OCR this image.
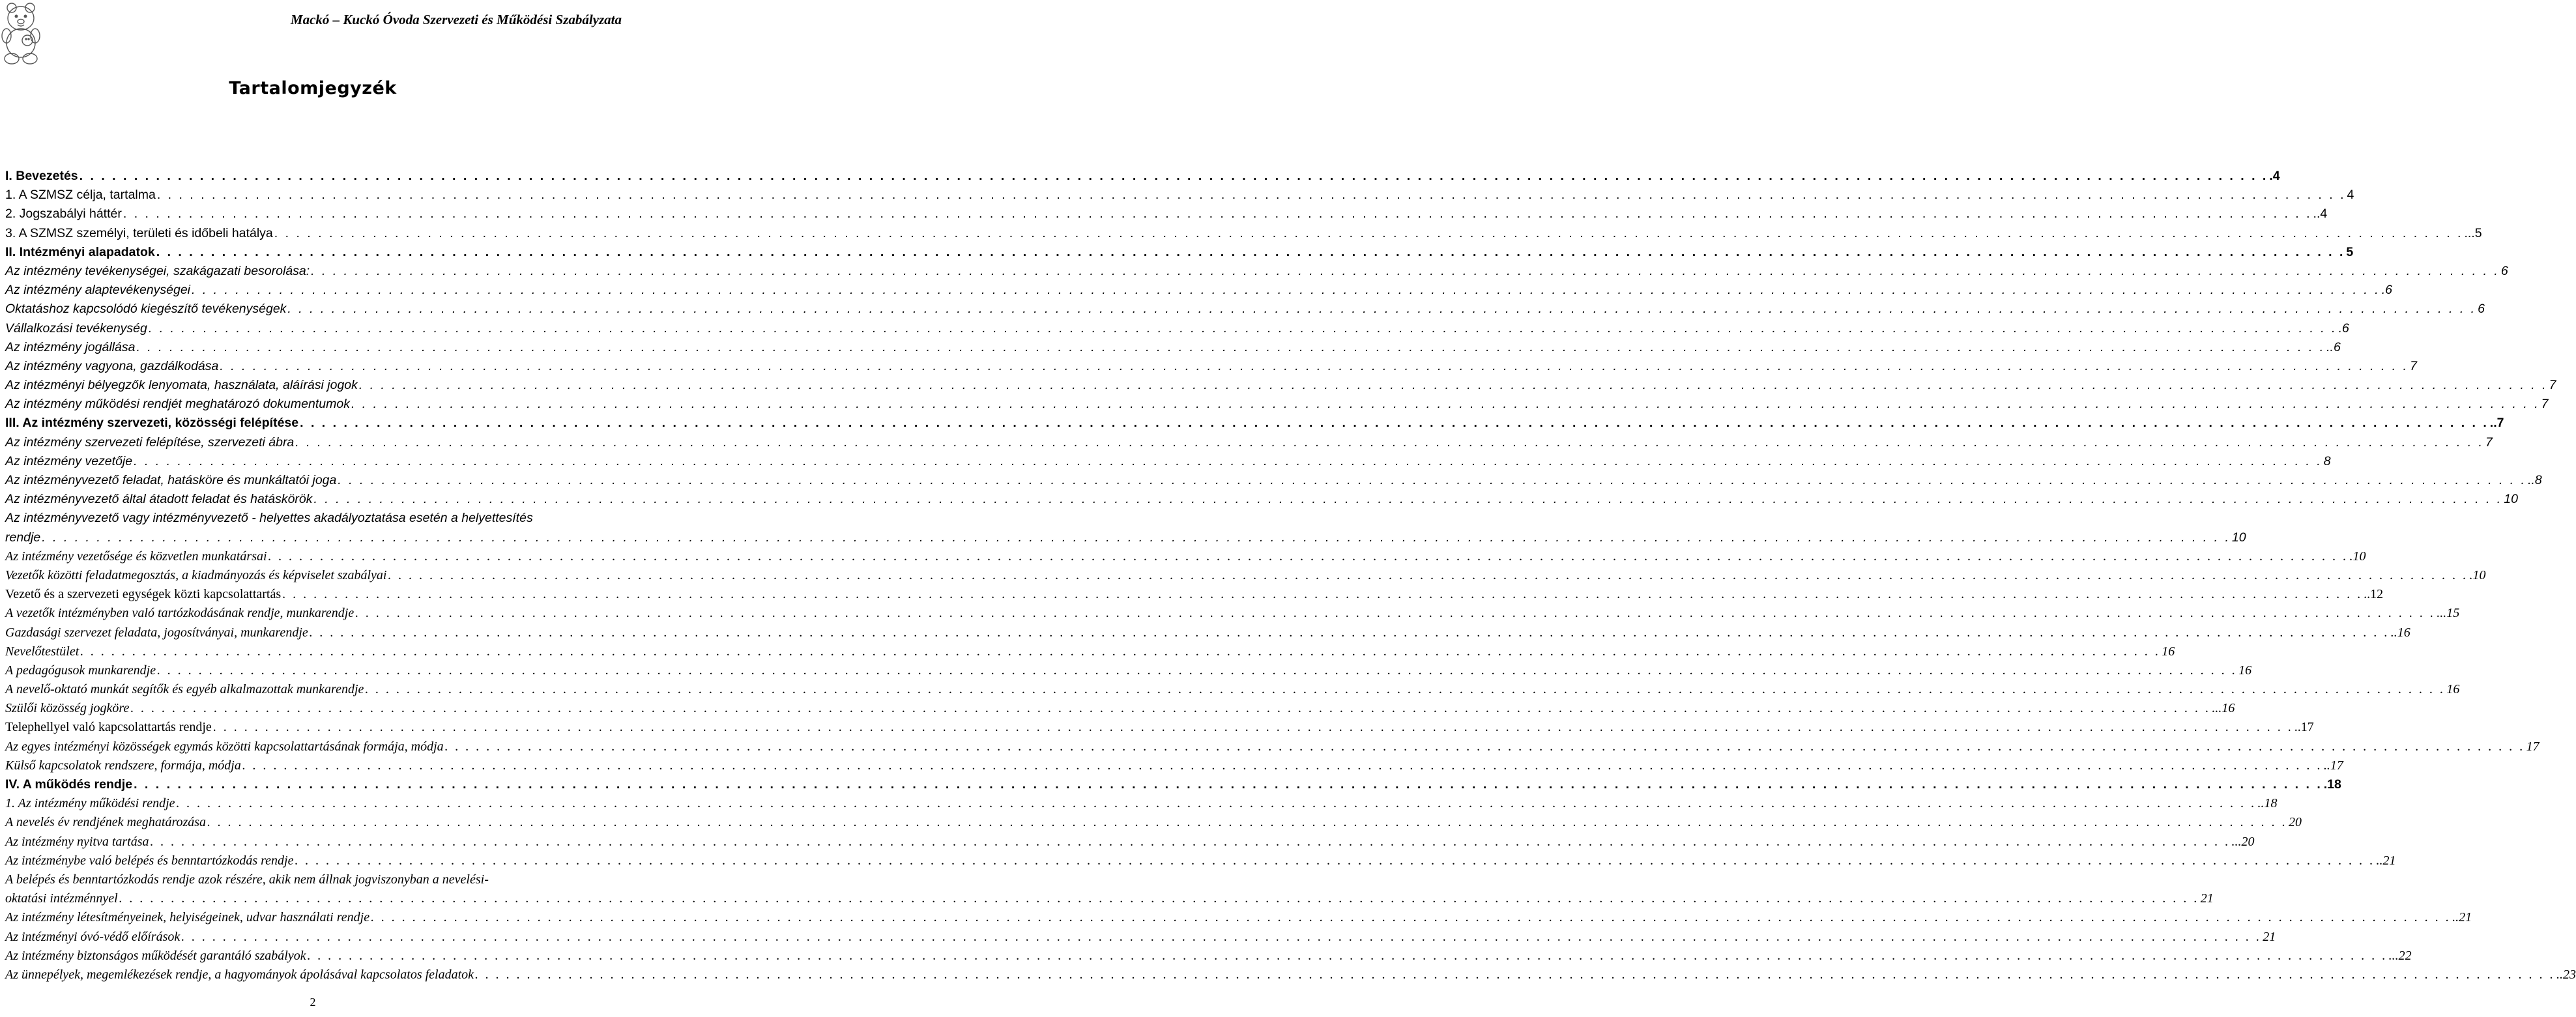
Mackó – Kuckó Óvoda Szervezeti és Működési Szabályzata
Tartalomjegyzék
I. Bevezetés . . . . . . . . . . . . . . . . . . . . . . . . . . . . . . . . . . . . . . . . . . . . . . . . . . . . . . . . . . . . . . . . . . . . . . . . . . . . . . . . . . . . . . . . . . . . . . . . . . . . . . . . . . . . . . . . . . . . . . . . . . . . . . . . . . . . . . . . . . . . . . . . . . . . . . . . . . . . . . . . . . . . . . . . . . . . . . . . . . . . . . . . . . . . . . . . . . . . . . . . .4
1. A SZMSZ célja, tartalma . . . . . . . . . . . . . . . . . . . . . . . . . . . . . . . . . . . . . . . . . . . . . . . . . . . . . . . . . . . . . . . . . . . . . . . . . . . . . . . . . . . . . . . . . . . . . . . . . . . . . . . . . . . . . . . . . . . . . . . . . . . . . . . . . . . . . . . . . . . . . . . . . . . . . . . . . . . . . . . . . . . . . . . . . . . . . . . . . . . . . . . . . . . . . . . . . . . . . . . . 4
2. Jogszabályi háttér . . . . . . . . . . . . . . . . . . . . . . . . . . . . . . . . . . . . . . . . . . . . . . . . . . . . . . . . . . . . . . . . . . . . . . . . . . . . . . . . . . . . . . . . . . . . . . . . . . . . . . . . . . . . . . . . . . . . . . . . . . . . . . . . . . . . . . . . . . . . . . . . . . . . . . . . . . . . . . . . . . . . . . . . . . . . . . . . . . . . . . . . . . . . . . . . . . . . . . . . ..4
3. A SZMSZ személyi, területi és időbeli hatálya . . . . . . . . . . . . . . . . . . . . . . . . . . . . . . . . . . . . . . . . . . . . . . . . . . . . . . . . . . . . . . . . . . . . . . . . . . . . . . . . . . . . . . . . . . . . . . . . . . . . . . . . . . . . . . . . . . . . . . . . . . . . . . . . . . . . . . . . . . . . . . . . . . . . . . . . . . . . . . . . . . . . . . . . . . . . . . . . . . . . . . . . . . . . . . . . . . . . . . . . ...5
II. Intézményi alapadatok . . . . . . . . . . . . . . . . . . . . . . . . . . . . . . . . . . . . . . . . . . . . . . . . . . . . . . . . . . . . . . . . . . . . . . . . . . . . . . . . . . . . . . . . . . . . . . . . . . . . . . . . . . . . . . . . . . . . . . . . . . . . . . . . . . . . . . . . . . . . . . . . . . . . . . . . . . . . . . . . . . . . . . . . . . . . . . . . . . . . . . . . . . . . . . . . . . . . . . . . 5
Az intézmény tevékenységei, szakágazati besorolása: . . . . . . . . . . . . . . . . . . . . . . . . . . . . . . . . . . . . . . . . . . . . . . . . . . . . . . . . . . . . . . . . . . . . . . . . . . . . . . . . . . . . . . . . . . . . . . . . . . . . . . . . . . . . . . . . . . . . . . . . . . . . . . . . . . . . . . . . . . . . . . . . . . . . . . . . . . . . . . . . . . . . . . . . . . . . . . . . . . . . . . . . . . . . . . . . . . . . . . . . 6
Az intézmény alaptevékenységei . . . . . . . . . . . . . . . . . . . . . . . . . . . . . . . . . . . . . . . . . . . . . . . . . . . . . . . . . . . . . . . . . . . . . . . . . . . . . . . . . . . . . . . . . . . . . . . . . . . . . . . . . . . . . . . . . . . . . . . . . . . . . . . . . . . . . . . . . . . . . . . . . . . . . . . . . . . . . . . . . . . . . . . . . . . . . . . . . . . . . . . . . . . . . . . . . . . . . . . . .6
Oktatáshoz kapcsolódó kiegészítő tevékenységek . . . . . . . . . . . . . . . . . . . . . . . . . . . . . . . . . . . . . . . . . . . . . . . . . . . . . . . . . . . . . . . . . . . . . . . . . . . . . . . . . . . . . . . . . . . . . . . . . . . . . . . . . . . . . . . . . . . . . . . . . . . . . . . . . . . . . . . . . . . . . . . . . . . . . . . . . . . . . . . . . . . . . . . . . . . . . . . . . . . . . . . . . . . . . . . . . . . . . . . . 6
Vállalkozási tevékenység . . . . . . . . . . . . . . . . . . . . . . . . . . . . . . . . . . . . . . . . . . . . . . . . . . . . . . . . . . . . . . . . . . . . . . . . . . . . . . . . . . . . . . . . . . . . . . . . . . . . . . . . . . . . . . . . . . . . . . . . . . . . . . . . . . . . . . . . . . . . . . . . . . . . . . . . . . . . . . . . . . . . . . . . . . . . . . . . . . . . . . . . . . . . . . . . . . . . . . . . .6
Az intézmény jogállása . . . . . . . . . . . . . . . . . . . . . . . . . . . . . . . . . . . . . . . . . . . . . . . . . . . . . . . . . . . . . . . . . . . . . . . . . . . . . . . . . . . . . . . . . . . . . . . . . . . . . . . . . . . . . . . . . . . . . . . . . . . . . . . . . . . . . . . . . . . . . . . . . . . . . . . . . . . . . . . . . . . . . . . . . . . . . . . . . . . . . . . . . . . . . . . . . . . . . . . . ..6
Az intézmény vagyona, gazdálkodása . . . . . . . . . . . . . . . . . . . . . . . . . . . . . . . . . . . . . . . . . . . . . . . . . . . . . . . . . . . . . . . . . . . . . . . . . . . . . . . . . . . . . . . . . . . . . . . . . . . . . . . . . . . . . . . . . . . . . . . . . . . . . . . . . . . . . . . . . . . . . . . . . . . . . . . . . . . . . . . . . . . . . . . . . . . . . . . . . . . . . . . . . . . . . . . . . . . . . . . . 7
Az intézményi bélyegzők lenyomata, használata, aláírási jogok . . . . . . . . . . . . . . . . . . . . . . . . . . . . . . . . . . . . . . . . . . . . . . . . . . . . . . . . . . . . . . . . . . . . . . . . . . . . . . . . . . . . . . . . . . . . . . . . . . . . . . . . . . . . . . . . . . . . . . . . . . . . . . . . . . . . . . . . . . . . . . . . . . . . . . . . . . . . . . . . . . . . . . . . . . . . . . . . . . . . . . . . . . . . . . . . . . . . . . . . 7
Az intézmény működési rendjét meghatározó dokumentumok . . . . . . . . . . . . . . . . . . . . . . . . . . . . . . . . . . . . . . . . . . . . . . . . . . . . . . . . . . . . . . . . . . . . . . . . . . . . . . . . . . . . . . . . . . . . . . . . . . . . . . . . . . . . . . . . . . . . . . . . . . . . . . . . . . . . . . . . . . . . . . . . . . . . . . . . . . . . . . . . . . . . . . . . . . . . . . . . . . . . . . . . . . . . . . . . . . . . . . . . 7
III. Az intézmény szervezeti, közösségi felépítése . . . . . . . . . . . . . . . . . . . . . . . . . . . . . . . . . . . . . . . . . . . . . . . . . . . . . . . . . . . . . . . . . . . . . . . . . . . . . . . . . . . . . . . . . . . . . . . . . . . . . . . . . . . . . . . . . . . . . . . . . . . . . . . . . . . . . . . . . . . . . . . . . . . . . . . . . . . . . . . . . . . . . . . . . . . . . . . . . . . . . . . . . . . . . . . . . . . . . . . . ..7
Az intézmény szervezeti felépítése, szervezeti ábra . . . . . . . . . . . . . . . . . . . . . . . . . . . . . . . . . . . . . . . . . . . . . . . . . . . . . . . . . . . . . . . . . . . . . . . . . . . . . . . . . . . . . . . . . . . . . . . . . . . . . . . . . . . . . . . . . . . . . . . . . . . . . . . . . . . . . . . . . . . . . . . . . . . . . . . . . . . . . . . . . . . . . . . . . . . . . . . . . . . . . . . . . . . . . . . . . . . . . . . . 7
Az intézmény vezetője . . . . . . . . . . . . . . . . . . . . . . . . . . . . . . . . . . . . . . . . . . . . . . . . . . . . . . . . . . . . . . . . . . . . . . . . . . . . . . . . . . . . . . . . . . . . . . . . . . . . . . . . . . . . . . . . . . . . . . . . . . . . . . . . . . . . . . . . . . . . . . . . . . . . . . . . . . . . . . . . . . . . . . . . . . . . . . . . . . . . . . . . . . . . . . . . . . . . . . . . 8
Az intézményvezető feladat, hatásköre és munkáltatói joga . . . . . . . . . . . . . . . . . . . . . . . . . . . . . . . . . . . . . . . . . . . . . . . . . . . . . . . . . . . . . . . . . . . . . . . . . . . . . . . . . . . . . . . . . . . . . . . . . . . . . . . . . . . . . . . . . . . . . . . . . . . . . . . . . . . . . . . . . . . . . . . . . . . . . . . . . . . . . . . . . . . . . . . . . . . . . . . . . . . . . . . . . . . . . . . . . . . . . . . . ..8
Az intézményvezető által átadott feladat és hatáskörök . . . . . . . . . . . . . . . . . . . . . . . . . . . . . . . . . . . . . . . . . . . . . . . . . . . . . . . . . . . . . . . . . . . . . . . . . . . . . . . . . . . . . . . . . . . . . . . . . . . . . . . . . . . . . . . . . . . . . . . . . . . . . . . . . . . . . . . . . . . . . . . . . . . . . . . . . . . . . . . . . . . . . . . . . . . . . . . . . . . . . . . . . . . . . . . . . . . . . . . . 10
Az intézményvezető vagy intézményvezető - helyettes akadályoztatása esetén a helyettesítés
rendje . . . . . . . . . . . . . . . . . . . . . . . . . . . . . . . . . . . . . . . . . . . . . . . . . . . . . . . . . . . . . . . . . . . . . . . . . . . . . . . . . . . . . . . . . . . . . . . . . . . . . . . . . . . . . . . . . . . . . . . . . . . . . . . . . . . . . . . . . . . . . . . . . . . . . . . . . . . . . . . . . . . . . . . . . . . . . . . . . . . . . . . . . . . . . . . . . . . . . . . . 10
Az intézmény vezetősége és közvetlen munkatársai . . . . . . . . . . . . . . . . . . . . . . . . . . . . . . . . . . . . . . . . . . . . . . . . . . . . . . . . . . . . . . . . . . . . . . . . . . . . . . . . . . . . . . . . . . . . . . . . . . . . . . . . . . . . . . . . . . . . . . . . . . . . . . . . . . . . . . . . . . . . . . . . . . . . . . . . . . . . . . . . . . . . . . . . . . . . . . . . . . . . . . . . . . . . . . . . . . . . . . . . .10
Vezetők közötti feladatmegosztás, a kiadmányozás és képviselet szabályai . . . . . . . . . . . . . . . . . . . . . . . . . . . . . . . . . . . . . . . . . . . . . . . . . . . . . . . . . . . . . . . . . . . . . . . . . . . . . . . . . . . . . . . . . . . . . . . . . . . . . . . . . . . . . . . . . . . . . . . . . . . . . . . . . . . . . . . . . . . . . . . . . . . . . . . . . . . . . . . . . . . . . . . . . . . . . . . . . . . . . . . . . . . . . . . . . . . . . . . . .10
Vezető és a szervezeti egységek közti kapcsolattartás . . . . . . . . . . . . . . . . . . . . . . . . . . . . . . . . . . . . . . . . . . . . . . . . . . . . . . . . . . . . . . . . . . . . . . . . . . . . . . . . . . . . . . . . . . . . . . . . . . . . . . . . . . . . . . . . . . . . . . . . . . . . . . . . . . . . . . . . . . . . . . . . . . . . . . . . . . . . . . . . . . . . . . . . . . . . . . . . . . . . . . . . . . . . . . . . . . . . . . . . ..12
A vezetők intézményben való tartózkodásának rendje, munkarendje . . . . . . . . . . . . . . . . . . . . . . . . . . . . . . . . . . . . . . . . . . . . . . . . . . . . . . . . . . . . . . . . . . . . . . . . . . . . . . . . . . . . . . . . . . . . . . . . . . . . . . . . . . . . . . . . . . . . . . . . . . . . . . . . . . . . . . . . . . . . . . . . . . . . . . . . . . . . . . . . . . . . . . . . . . . . . . . . . . . . . . . . . . . . . . . . . . . . . . . . ...15
Gazdasági szervezet feladata, jogosítványai, munkarendje . . . . . . . . . . . . . . . . . . . . . . . . . . . . . . . . . . . . . . . . . . . . . . . . . . . . . . . . . . . . . . . . . . . . . . . . . . . . . . . . . . . . . . . . . . . . . . . . . . . . . . . . . . . . . . . . . . . . . . . . . . . . . . . . . . . . . . . . . . . . . . . . . . . . . . . . . . . . . . . . . . . . . . . . . . . . . . . . . . . . . . . . . . . . . . . . . . . . . . . . ..16
Nevelőtestület . . . . . . . . . . . . . . . . . . . . . . . . . . . . . . . . . . . . . . . . . . . . . . . . . . . . . . . . . . . . . . . . . . . . . . . . . . . . . . . . . . . . . . . . . . . . . . . . . . . . . . . . . . . . . . . . . . . . . . . . . . . . . . . . . . . . . . . . . . . . . . . . . . . . . . . . . . . . . . . . . . . . . . . . . . . . . . . . . . . . . . . . . . . . . . . . . . . . . . . . 16
A pedagógusok munkarendje . . . . . . . . . . . . . . . . . . . . . . . . . . . . . . . . . . . . . . . . . . . . . . . . . . . . . . . . . . . . . . . . . . . . . . . . . . . . . . . . . . . . . . . . . . . . . . . . . . . . . . . . . . . . . . . . . . . . . . . . . . . . . . . . . . . . . . . . . . . . . . . . . . . . . . . . . . . . . . . . . . . . . . . . . . . . . . . . . . . . . . . . . . . . . . . . . . . . . . . . 16
A nevelő-oktató munkát segítők és egyéb alkalmazottak munkarendje . . . . . . . . . . . . . . . . . . . . . . . . . . . . . . . . . . . . . . . . . . . . . . . . . . . . . . . . . . . . . . . . . . . . . . . . . . . . . . . . . . . . . . . . . . . . . . . . . . . . . . . . . . . . . . . . . . . . . . . . . . . . . . . . . . . . . . . . . . . . . . . . . . . . . . . . . . . . . . . . . . . . . . . . . . . . . . . . . . . . . . . . . . . . . . . . . . . . . . . . 16
Szülői közösség jogköre . . . . . . . . . . . . . . . . . . . . . . . . . . . . . . . . . . . . . . . . . . . . . . . . . . . . . . . . . . . . . . . . . . . . . . . . . . . . . . . . . . . . . . . . . . . . . . . . . . . . . . . . . . . . . . . . . . . . . . . . . . . . . . . . . . . . . . . . . . . . . . . . . . . . . . . . . . . . . . . . . . . . . . . . . . . . . . . . . . . . . . . . . . . . . . . . . . . . . . . . ...16
Telephellyel való kapcsolattartás rendje . . . . . . . . . . . . . . . . . . . . . . . . . . . . . . . . . . . . . . . . . . . . . . . . . . . . . . . . . . . . . . . . . . . . . . . . . . . . . . . . . . . . . . . . . . . . . . . . . . . . . . . . . . . . . . . . . . . . . . . . . . . . . . . . . . . . . . . . . . . . . . . . . . . . . . . . . . . . . . . . . . . . . . . . . . . . . . . . . . . . . . . . . . . . . . . . . . . . . . . . ..17
Az egyes intézményi közösségek egymás közötti kapcsolattartásának formája, módja . . . . . . . . . . . . . . . . . . . . . . . . . . . . . . . . . . . . . . . . . . . . . . . . . . . . . . . . . . . . . . . . . . . . . . . . . . . . . . . . . . . . . . . . . . . . . . . . . . . . . . . . . . . . . . . . . . . . . . . . . . . . . . . . . . . . . . . . . . . . . . . . . . . . . . . . . . . . . . . . . . . . . . . . . . . . . . . . . . . . . . . . . . . . . . . . . . . . . . . . 17
Külső kapcsolatok rendszere, formája, módja . . . . . . . . . . . . . . . . . . . . . . . . . . . . . . . . . . . . . . . . . . . . . . . . . . . . . . . . . . . . . . . . . . . . . . . . . . . . . . . . . . . . . . . . . . . . . . . . . . . . . . . . . . . . . . . . . . . . . . . . . . . . . . . . . . . . . . . . . . . . . . . . . . . . . . . . . . . . . . . . . . . . . . . . . . . . . . . . . . . . . . . . . . . . . . . . . . . . . . . . ..17
IV. A működés rendje . . . . . . . . . . . . . . . . . . . . . . . . . . . . . . . . . . . . . . . . . . . . . . . . . . . . . . . . . . . . . . . . . . . . . . . . . . . . . . . . . . . . . . . . . . . . . . . . . . . . . . . . . . . . . . . . . . . . . . . . . . . . . . . . . . . . . . . . . . . . . . . . . . . . . . . . . . . . . . . . . . . . . . . . . . . . . . . . . . . . . . . . . . . . . . . . . . . . . . . . .18
1. Az intézmény működési rendje . . . . . . . . . . . . . . . . . . . . . . . . . . . . . . . . . . . . . . . . . . . . . . . . . . . . . . . . . . . . . . . . . . . . . . . . . . . . . . . . . . . . . . . . . . . . . . . . . . . . . . . . . . . . . . . . . . . . . . . . . . . . . . . . . . . . . . . . . . . . . . . . . . . . . . . . . . . . . . . . . . . . . . . . . . . . . . . . . . . . . . . . . . . . . . . . . . . . . . . . ..18
A nevelés év rendjének meghatározása . . . . . . . . . . . . . . . . . . . . . . . . . . . . . . . . . . . . . . . . . . . . . . . . . . . . . . . . . . . . . . . . . . . . . . . . . . . . . . . . . . . . . . . . . . . . . . . . . . . . . . . . . . . . . . . . . . . . . . . . . . . . . . . . . . . . . . . . . . . . . . . . . . . . . . . . . . . . . . . . . . . . . . . . . . . . . . . . . . . . . . . . . . . . . . . . . . . . . . . . 20
Az intézmény nyitva tartása . . . . . . . . . . . . . . . . . . . . . . . . . . . . . . . . . . . . . . . . . . . . . . . . . . . . . . . . . . . . . . . . . . . . . . . . . . . . . . . . . . . . . . . . . . . . . . . . . . . . . . . . . . . . . . . . . . . . . . . . . . . . . . . . . . . . . . . . . . . . . . . . . . . . . . . . . . . . . . . . . . . . . . . . . . . . . . . . . . . . . . . . . . . . . . . . . . . . . . . . ...20
Az intézménybe való belépés és benntartózkodás rendje . . . . . . . . . . . . . . . . . . . . . . . . . . . . . . . . . . . . . . . . . . . . . . . . . . . . . . . . . . . . . . . . . . . . . . . . . . . . . . . . . . . . . . . . . . . . . . . . . . . . . . . . . . . . . . . . . . . . . . . . . . . . . . . . . . . . . . . . . . . . . . . . . . . . . . . . . . . . . . . . . . . . . . . . . . . . . . . . . . . . . . . . . . . . . . . . . . . . . . . . ..21
A belépés és benntartózkodás rendje azok részére, akik nem állnak jogviszonyban a nevelési-
oktatási intézménnyel . . . . . . . . . . . . . . . . . . . . . . . . . . . . . . . . . . . . . . . . . . . . . . . . . . . . . . . . . . . . . . . . . . . . . . . . . . . . . . . . . . . . . . . . . . . . . . . . . . . . . . . . . . . . . . . . . . . . . . . . . . . . . . . . . . . . . . . . . . . . . . . . . . . . . . . . . . . . . . . . . . . . . . . . . . . . . . . . . . . . . . . . . . . . . . . . . . . . . . . . 21
Az intézmény létesítményeinek, helyiségeinek, udvar használati rendje . . . . . . . . . . . . . . . . . . . . . . . . . . . . . . . . . . . . . . . . . . . . . . . . . . . . . . . . . . . . . . . . . . . . . . . . . . . . . . . . . . . . . . . . . . . . . . . . . . . . . . . . . . . . . . . . . . . . . . . . . . . . . . . . . . . . . . . . . . . . . . . . . . . . . . . . . . . . . . . . . . . . . . . . . . . . . . . . . . . . . . . . . . . . . . . . . . . . . . . . ..21
Az intézményi óvó-védő előírások . . . . . . . . . . . . . . . . . . . . . . . . . . . . . . . . . . . . . . . . . . . . . . . . . . . . . . . . . . . . . . . . . . . . . . . . . . . . . . . . . . . . . . . . . . . . . . . . . . . . . . . . . . . . . . . . . . . . . . . . . . . . . . . . . . . . . . . . . . . . . . . . . . . . . . . . . . . . . . . . . . . . . . . . . . . . . . . . . . . . . . . . . . . . . . . . . . . . . . . . 21
Az intézmény biztonságos működését garantáló szabályok . . . . . . . . . . . . . . . . . . . . . . . . . . . . . . . . . . . . . . . . . . . . . . . . . . . . . . . . . . . . . . . . . . . . . . . . . . . . . . . . . . . . . . . . . . . . . . . . . . . . . . . . . . . . . . . . . . . . . . . . . . . . . . . . . . . . . . . . . . . . . . . . . . . . . . . . . . . . . . . . . . . . . . . . . . . . . . . . . . . . . . . . . . . . . . . . . . . . . . . . ...22
Az ünnepélyek, megemlékezések rendje, a hagyományok ápolásával kapcsolatos feladatok . . . . . . . . . . . . . . . . . . . . . . . . . . . . . . . . . . . . . . . . . . . . . . . . . . . . . . . . . . . . . . . . . . . . . . . . . . . . . . . . . . . . . . . . . . . . . . . . . . . . . . . . . . . . . . . . . . . . . . . . . . . . . . . . . . . . . . . . . . . . . . . . . . . . . . . . . . . . . . . . . . . . . . . . . . . . . . . . . . . . . . . . . . . . . . . . . . . . . . . . ..23
2
